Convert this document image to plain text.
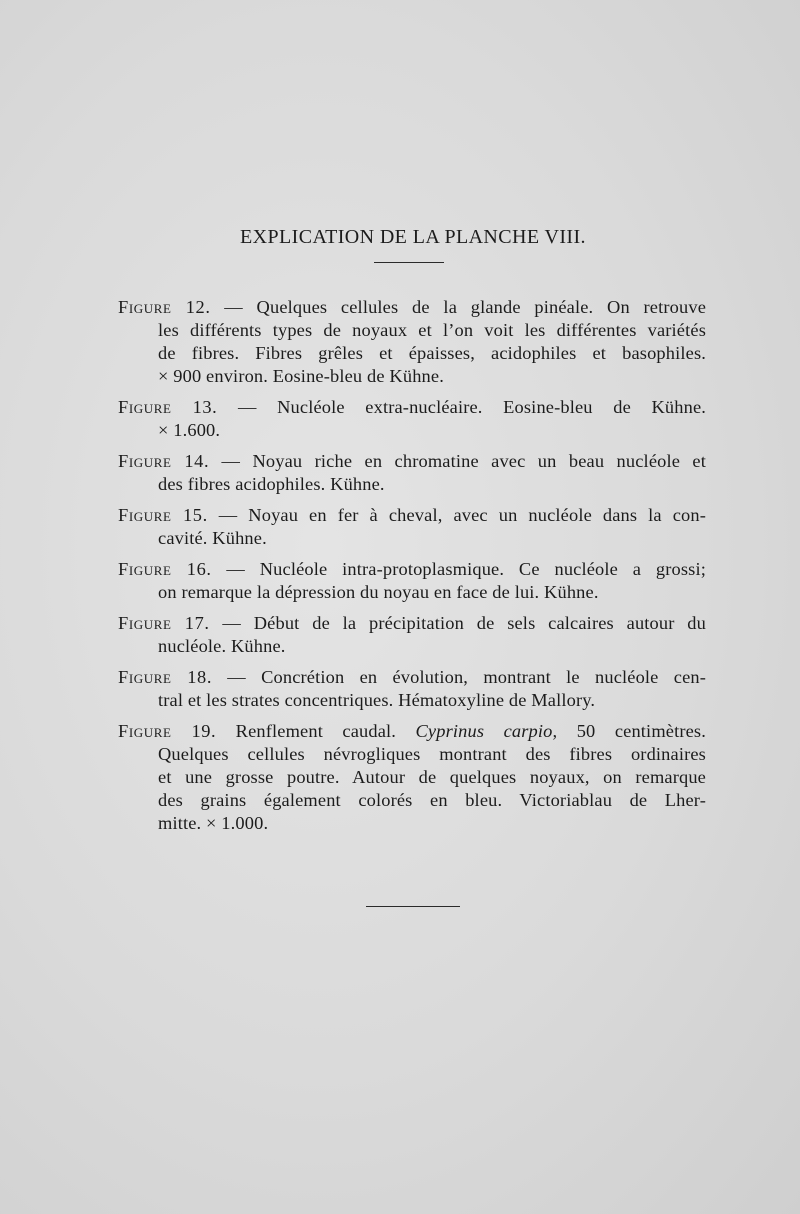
EXPLICATION DE LA PLANCHE VIII.
Figure 12. — Quelques cellules de la glande pinéale. On retrouve
les différents types de noyaux et l’on voit les différentes variétés
de fibres. Fibres grêles et épaisses, acidophiles et basophiles.
× 900 environ. Eosine-bleu de Kühne.
Figure 13. — Nucléole extra-nucléaire. Eosine-bleu de Kühne.
× 1.600.
Figure 14. — Noyau riche en chromatine avec un beau nucléole et
des fibres acidophiles. Kühne.
Figure 15. — Noyau en fer à cheval, avec un nucléole dans la con-
cavité. Kühne.
Figure 16. — Nucléole intra-protoplasmique. Ce nucléole a grossi;
on remarque la dépression du noyau en face de lui. Kühne.
Figure 17. — Début de la précipitation de sels calcaires autour du
nucléole. Kühne.
Figure 18. — Concrétion en évolution, montrant le nucléole cen-
tral et les strates concentriques. Hématoxyline de Mallory.
Figure 19. Renflement caudal. Cyprinus carpio, 50 centimètres.
Quelques cellules névrogliques montrant des fibres ordinaires
et une grosse poutre. Autour de quelques noyaux, on remarque
des grains également colorés en bleu. Victoriablau de Lher-
mitte. × 1.000.
